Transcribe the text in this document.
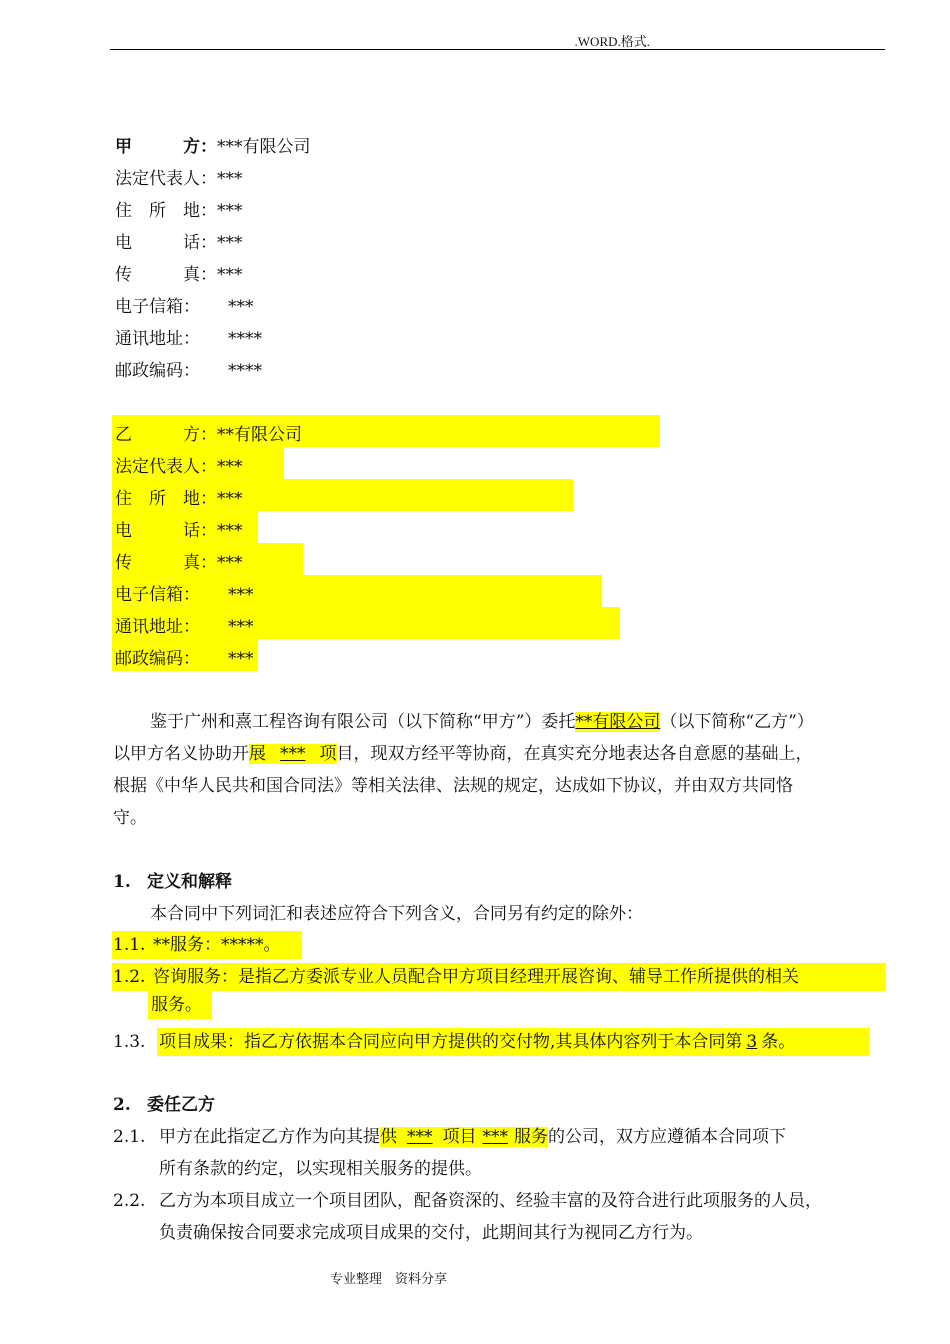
.WORD.格式.
甲　　　方：***有限公司
法定代表人：***
住　所　地：***
电　　　话：***
传　　　真：***
电子信箱： ***
通讯地址： ****
邮政编码： ****
乙　　　方：**有限公司
法定代表人：***
住　所　地：***
电　　　话：***
传　　　真：***
电子信箱： ***
通讯地址： ***
邮政编码： ***
鉴于广州和熹工程咨询有限公司（以下简称“甲方”）委托**有限公司（以下简称“乙方”）
以甲方名义协助开展 *** 项目，现双方经平等协商，在真实充分地表达各自意愿的基础上，
根据《中华人民共和国合同法》等相关法律、法规的规定，达成如下协议，并由双方共同恪
守。
1. 定义和解释
本合同中下列词汇和表述应符合下列含义，合同另有约定的除外：
1.1. **服务：*****。
1.2. 咨询服务：是指乙方委派专业人员配合甲方项目经理开展咨询、辅导工作所提供的相关
服务。
1.3. 项目成果：指乙方依据本合同应向甲方提供的交付物,其具体内容列于本合同第 3 条。
2. 委任乙方
2.1. 甲方在此指定乙方作为向其提供 *** 项目 *** 服务的公司，双方应遵循本合同项下
所有条款的约定，以实现相关服务的提供。
2.2. 乙方为本项目成立一个项目团队，配备资深的、经验丰富的及符合进行此项服务的人员，
负责确保按合同要求完成项目成果的交付，此期间其行为视同乙方行为。
专业整理　资料分享
